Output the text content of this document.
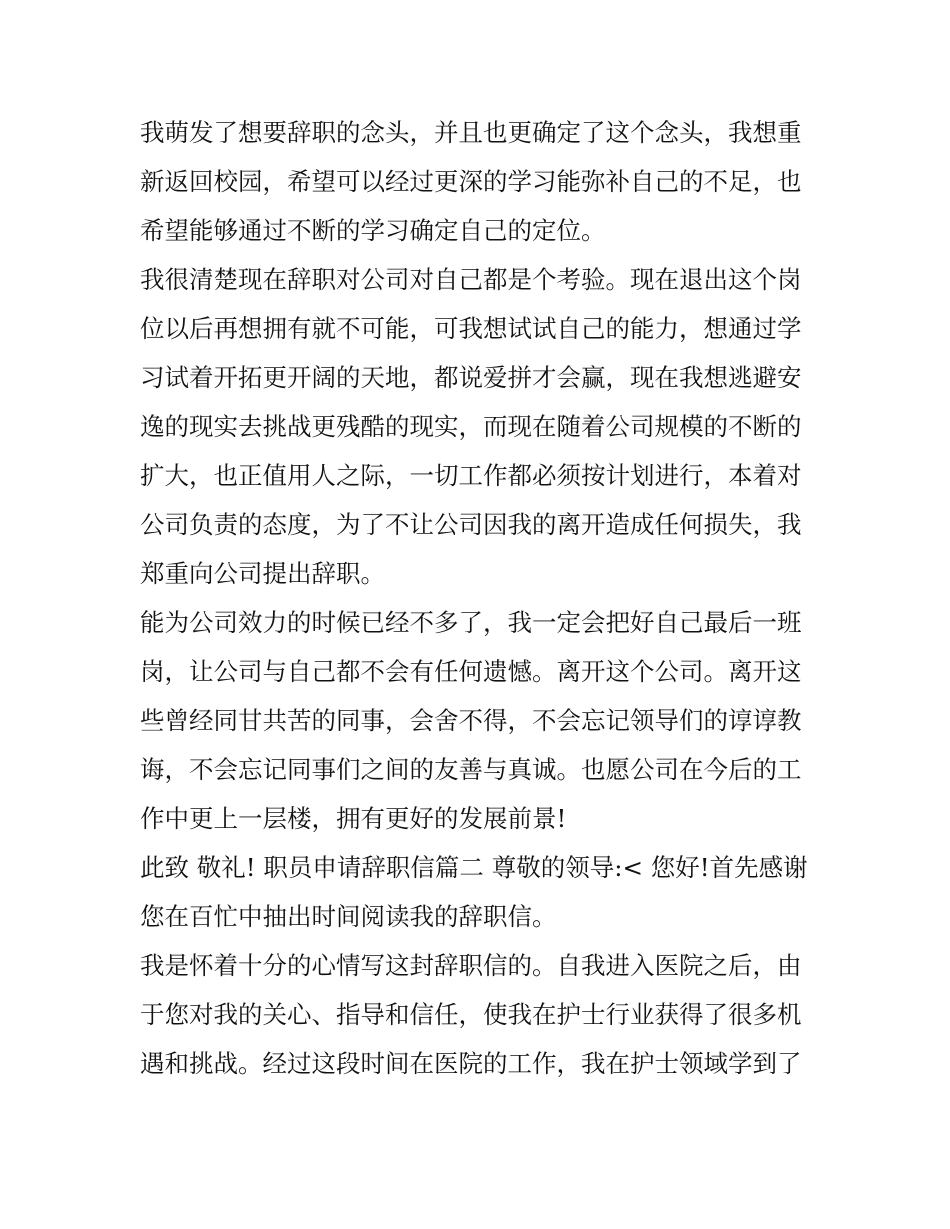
我萌发了想要辞职的念头，并且也更确定了这个念头，我想重
新返回校园，希望可以经过更深的学习能弥补自己的不足，也
希望能够通过不断的学习确定自己的定位。
我很清楚现在辞职对公司对自己都是个考验。现在退出这个岗
位以后再想拥有就不可能，可我想试试自己的能力，想通过学
习试着开拓更开阔的天地，都说爱拼才会赢，现在我想逃避安
逸的现实去挑战更残酷的现实，而现在随着公司规模的不断的
扩大，也正值用人之际，一切工作都必须按计划进行，本着对
公司负责的态度，为了不让公司因我的离开造成任何损失，我
郑重向公司提出辞职。
能为公司效力的时候已经不多了，我一定会把好自己最后一班
岗，让公司与自己都不会有任何遗憾。离开这个公司。离开这
些曾经同甘共苦的同事，会舍不得，不会忘记领导们的谆谆教
诲，不会忘记同事们之间的友善与真诚。也愿公司在今后的工
作中更上一层楼，拥有更好的发展前景!
此致 敬礼! 职员申请辞职信篇二 尊敬的领导:< 您好!首先感谢
您在百忙中抽出时间阅读我的辞职信。
我是怀着十分的心情写这封辞职信的。自我进入医院之后，由
于您对我的关心、指导和信任，使我在护士行业获得了很多机
遇和挑战。经过这段时间在医院的工作，我在护士领域学到了
